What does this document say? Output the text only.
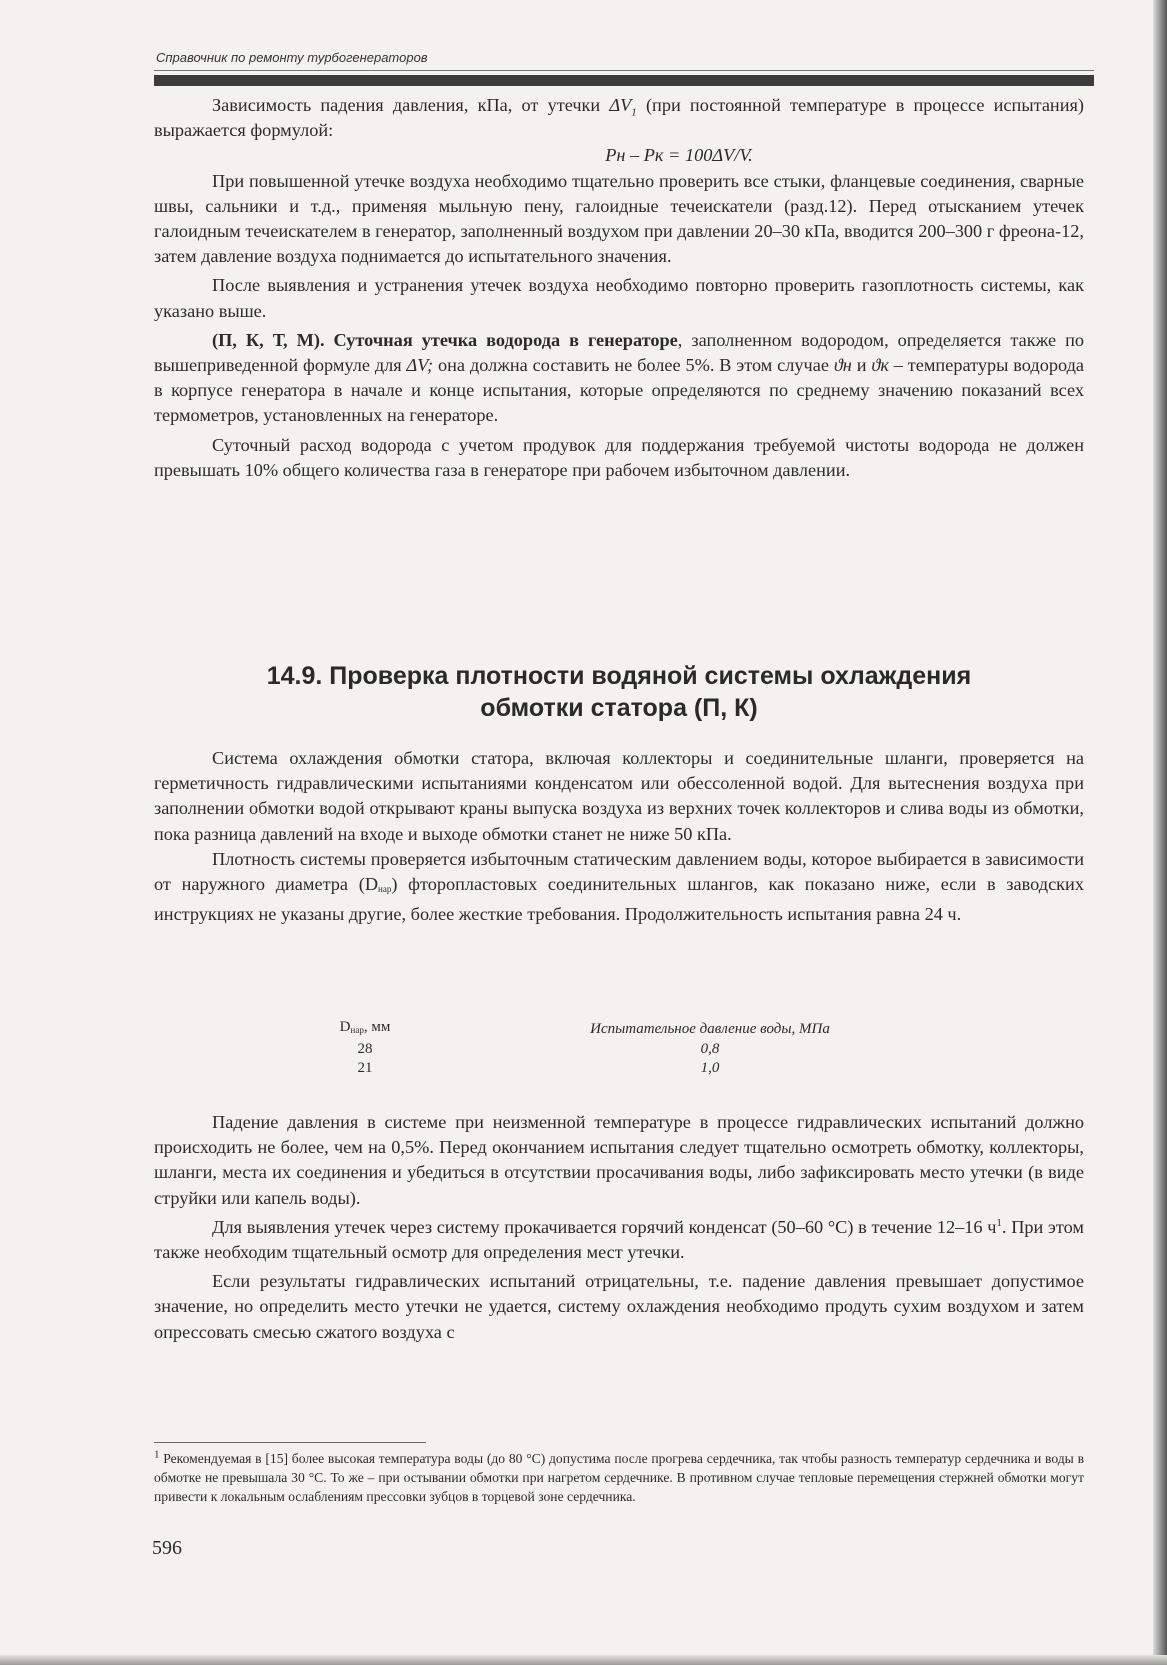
Справочник по ремонту турбогенераторов

Зависимость падения давления, кПа, от утечки $\Delta V_1$ (при постоянной температуре в процессе испытания) выражается формулой:

Pн – Pк = 100ΔV/V.

При повышенной утечке воздуха необходимо тщательно проверить все стыки, фланцевые соединения, сварные швы, сальники и т.д., применяя мыльную пену, галоидные течеискатели (разд.12). Перед отысканием утечек галоидным течеискателем в генератор, заполненный воздухом при давлении 20–30 кПа, вводится 200–300 г фреона-12, затем давление воздуха поднимается до испытательного значения.

После выявления и устранения утечек воздуха необходимо повторно проверить газоплотность системы, как указано выше.

(П, К, Т, М). Суточная утечка водорода в генераторе, заполненном водородом, определяется также по вышеприведенной формуле для ΔV; она должна составить не более 5%. В этом случае ϑн и ϑк – температуры водорода в корпусе генератора в начале и конце испытания, которые определяются по среднему значению показаний всех термометров, установленных на генераторе.

Суточный расход водорода с учетом продувок для поддержания требуемой чистоты водорода не должен превышать 10% общего количества газа в генераторе при рабочем избыточном давлении.

14.9. Проверка плотности водяной системы охлаждения
обмотки статора (П, К)

Система охлаждения обмотки статора, включая коллекторы и соединительные шланги, проверяется на герметичность гидравлическими испытаниями конденсатом или обессоленной водой. Для вытеснения воздуха при заполнении обмотки водой открывают краны выпуска воздуха из верхних точек коллекторов и слива воды из обмотки, пока разница давлений на входе и выходе обмотки станет не ниже 50 кПа.

Плотность системы проверяется избыточным статическим давлением воды, которое выбирается в зависимости от наружного диаметра (Dнар) фторопластовых соединительных шлангов, как показано ниже, если в заводских инструкциях не указаны другие, более жесткие требования. Продолжительность испытания равна 24 ч.

Dнар, мм	Испытательное давление воды, МПа
28	0,8
21	1,0

Падение давления в системе при неизменной температуре в процессе гидравлических испытаний должно происходить не более, чем на 0,5%. Перед окончанием испытания следует тщательно осмотреть обмотку, коллекторы, шланги, места их соединения и убедиться в отсутствии просачивания воды, либо зафиксировать место утечки (в виде струйки или капель воды).

Для выявления утечек через систему прокачивается горячий конденсат (50–60 °С) в течение 12–16 $ч^1$. При этом также необходим тщательный осмотр для определения мест утечки.

Если результаты гидравлических испытаний отрицательны, т.е. падение давления превышает допустимое значение, но определить место утечки не удается, систему охлаждения необходимо продуть сухим воздухом и затем опрессовать смесью сжатого воздуха с

$^1$ Рекомендуемая в [15] более высокая температура воды (до 80 °С) допустима после прогрева сердечника, так чтобы разность температур сердечника и воды в обмотке не превышала 30 °С. То же – при остывании обмотки при нагретом сердечнике. В противном случае тепловые перемещения стержней обмотки могут привести к локальным ослаблениям прессовки зубцов в торцевой зоне сердечника.

596
